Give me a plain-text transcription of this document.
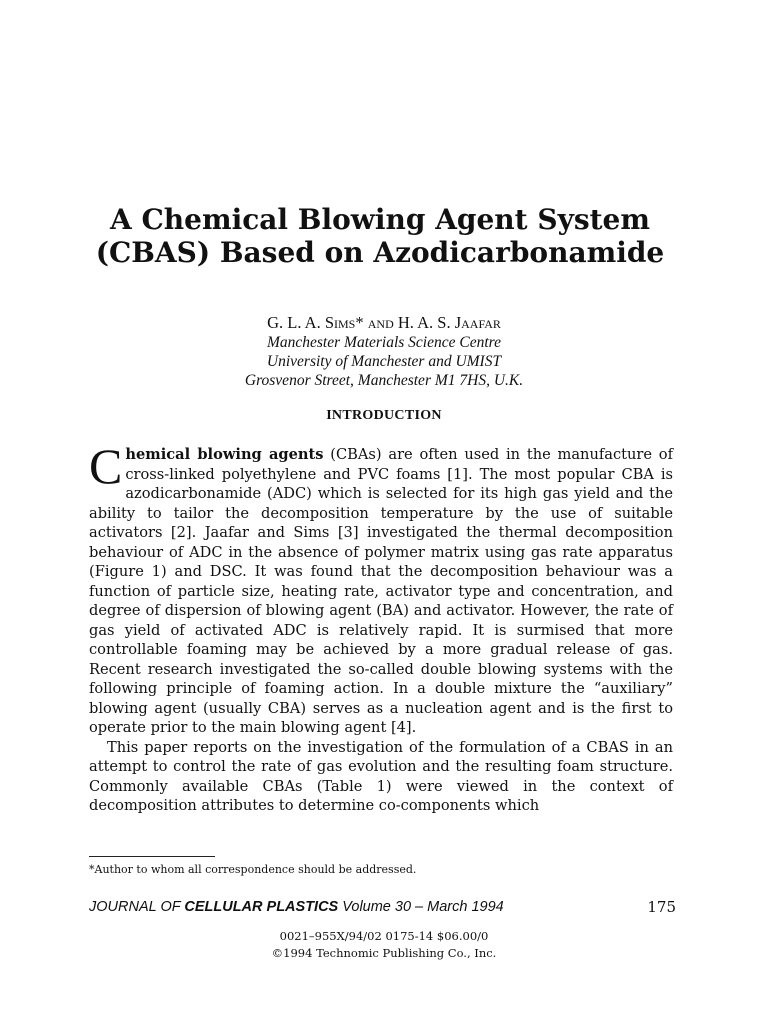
A Chemical Blowing Agent System
(CBAS) Based on Azodicarbonamide

G. L. A. Sims* and H. A. S. Jaafar

Manchester Materials Science Centre
University of Manchester and UMIST
Grosvenor Street, Manchester M1 7HS, U.K.
INTRODUCTION

Chemical blowing agents (CBAs) are often used in the manufacture of cross-linked polyethylene and PVC foams [1]. The most popular CBA is azodicarbonamide (ADC) which is selected for its high gas yield and the ability to tailor the decomposition temperature by the use of suitable activators [2]. Jaafar and Sims [3] investigated the thermal decomposition behaviour of ADC in the absence of polymer matrix using gas rate apparatus (Figure 1) and DSC. It was found that the decomposition behaviour was a function of particle size, heating rate, activator type and concentration, and degree of dispersion of blowing agent (BA) and activator. However, the rate of gas yield of activated ADC is relatively rapid. It is surmised that more controllable foaming may be achieved by a more gradual release of gas. Recent research investigated the so-called double blowing systems with the following principle of foaming action. In a double mixture the “auxiliary” blowing agent (usually CBA) serves as a nucleation agent and is the first to operate prior to the main blowing agent [4].

This paper reports on the investigation of the formulation of a CBAS in an attempt to control the rate of gas evolution and the resulting foam structure. Commonly available CBAs (Table 1) were viewed in the context of decomposition attributes to determine co-components which

*Author to whom all correspondence should be addressed.

JOURNAL OF CELLULAR PLASTICS Volume 30 – March 1994	175

0021–955X/94/02 0175-14 $06.00/0
©1994 Technomic Publishing Co., Inc.
